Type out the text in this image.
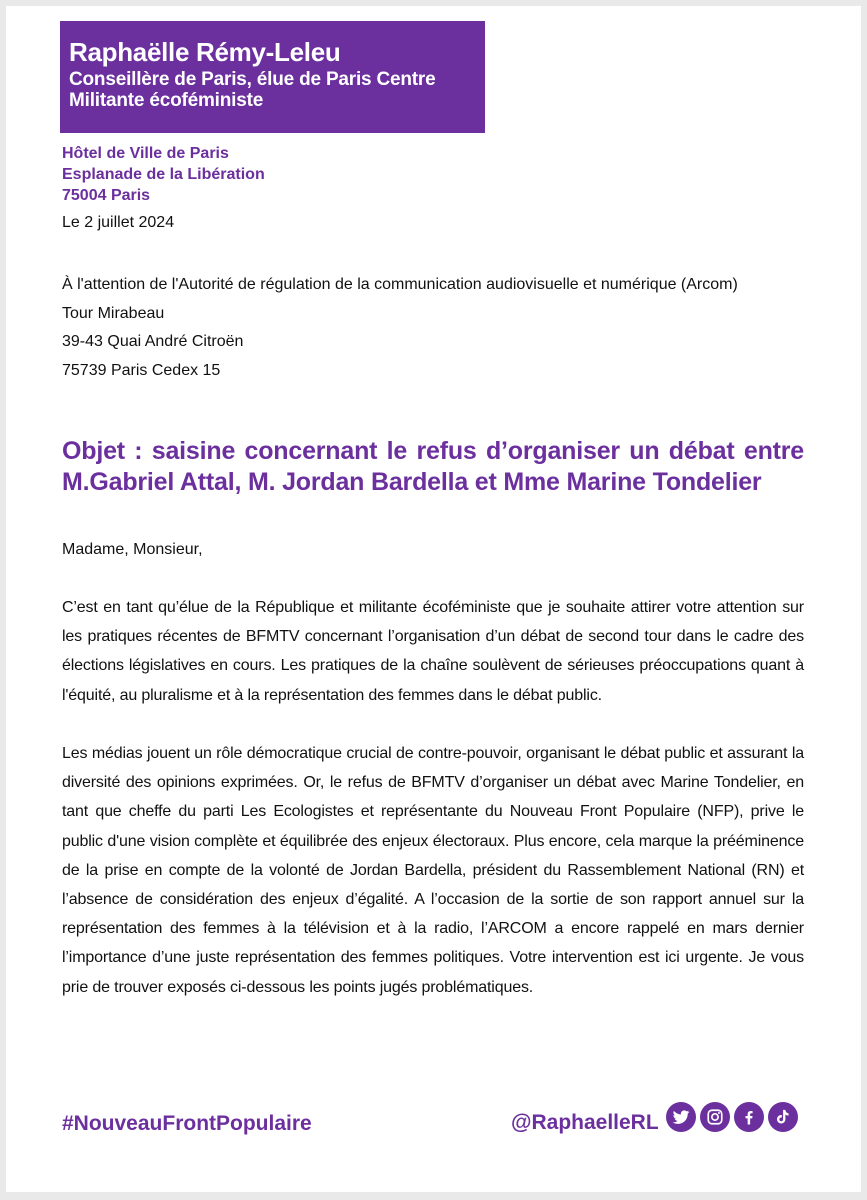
Raphaëlle Rémy-Leleu
Conseillère de Paris, élue de Paris Centre
Militante écoféministe
Hôtel de Ville de Paris
Esplanade de la Libération
75004 Paris
Le 2 juillet 2024
À l'attention de l'Autorité de régulation de la communication audiovisuelle et numérique (Arcom)
Tour Mirabeau
39-43 Quai André Citroën
75739 Paris Cedex 15
Objet : saisine concernant le refus d’organiser un débat entre M.Gabriel Attal, M. Jordan Bardella et Mme Marine Tondelier
Madame, Monsieur,
C’est en tant qu’élue de la République et militante écoféministe que je souhaite attirer votre attention sur les pratiques récentes de BFMTV concernant l’organisation d’un débat de second tour dans le cadre des élections législatives en cours. Les pratiques de la chaîne soulèvent de sérieuses préoccupations quant à l'équité, au pluralisme et à la représentation des femmes dans le débat public.
Les médias jouent un rôle démocratique crucial de contre-pouvoir, organisant le débat public et assurant la diversité des opinions exprimées. Or, le refus de BFMTV d’organiser un débat avec Marine Tondelier, en tant que cheffe du parti Les Ecologistes et représentante du Nouveau Front Populaire (NFP), prive le public d'une vision complète et équilibrée des enjeux électoraux. Plus encore, cela marque la prééminence de la prise en compte de la volonté de Jordan Bardella, président du Rassemblement National (RN) et l’absence de considération des enjeux d’égalité. A l’occasion de la sortie de son rapport annuel sur la représentation des femmes à la télévision et à la radio, l’ARCOM a encore rappelé en mars dernier l’importance d’une juste représentation des femmes politiques. Votre intervention est ici urgente. Je vous prie de trouver exposés ci-dessous les points jugés problématiques.
#NouveauFrontPopulaire	@RaphaelleRL
